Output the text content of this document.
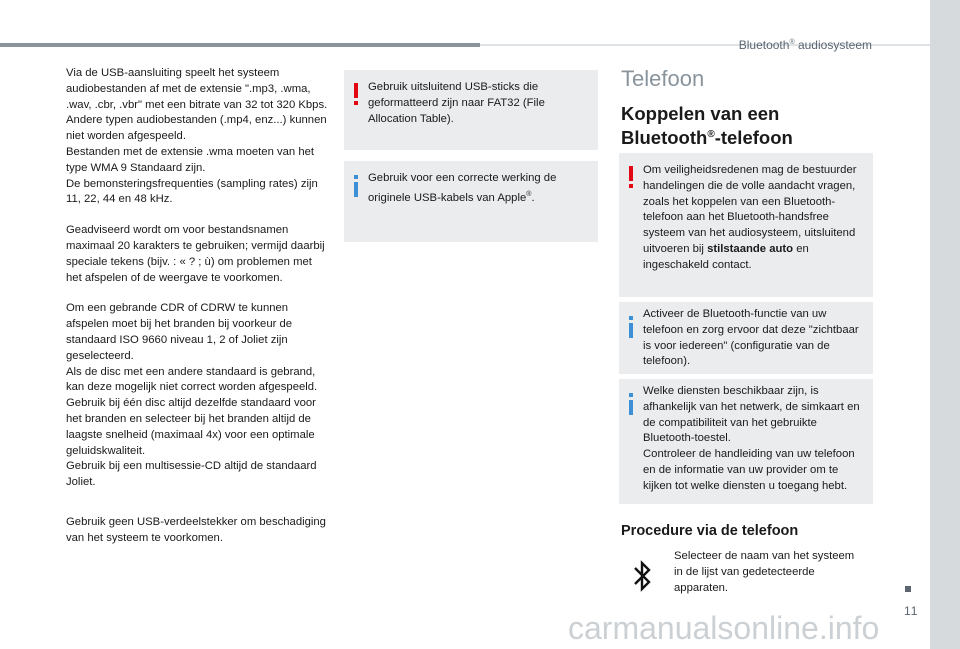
Bluetooth® audiosysteem
11

Via de USB-aansluiting speelt het systeem audiobestanden af met de extensie ".mp3, .wma, .wav, .cbr, .vbr" met een bitrate van 32 tot 320 Kbps.
Andere typen audiobestanden (.mp4, enz...) kunnen niet worden afgespeeld.
Bestanden met de extensie .wma moeten van het type WMA 9 Standaard zijn.
De bemonsteringsfrequenties (sampling rates) zijn 11, 22, 44 en 48 kHz.

Geadviseerd wordt om voor bestandsnamen maximaal 20 karakters te gebruiken; vermijd daarbij speciale tekens (bijv. : « ? ; ù) om problemen met het afspelen of de weergave te voorkomen.

Om een gebrande CDR of CDRW te kunnen afspelen moet bij het branden bij voorkeur de standaard ISO 9660 niveau 1, 2 of Joliet zijn geselecteerd.
Als de disc met een andere standaard is gebrand, kan deze mogelijk niet correct worden afgespeeld.
Gebruik bij één disc altijd dezelfde standaard voor het branden en selecteer bij het branden altijd de laagste snelheid (maximaal 4x) voor een optimale geluidskwaliteit.
Gebruik bij een multisessie-CD altijd de standaard Joliet.

Gebruik geen USB-verdeelstekker om beschadiging van het systeem te voorkomen.

Gebruik uitsluitend USB-sticks die geformatteerd zijn naar FAT32 (File Allocation Table).

Gebruik voor een correcte werking de originele USB-kabels van Apple®.

Telefoon
Koppelen van een
Bluetooth®-telefoon

Om veiligheidsredenen mag de bestuurder handelingen die de volle aandacht vragen, zoals het koppelen van een Bluetooth-telefoon aan het Bluetooth-handsfree systeem van het audiosysteem, uitsluitend uitvoeren bij stilstaande auto en ingeschakeld contact.

Activeer de Bluetooth-functie van uw telefoon en zorg ervoor dat deze "zichtbaar is voor iedereen" (configuratie van de telefoon).

Welke diensten beschikbaar zijn, is afhankelijk van het netwerk, de simkaart en de compatibiliteit van het gebruikte Bluetooth-toestel.

Controleer de handleiding van uw telefoon en de informatie van uw provider om te kijken tot welke diensten u toegang hebt.

Procedure via de telefoon

Selecteer de naam van het systeem in de lijst van gedetecteerde apparaten.

carmanualsonline.info
